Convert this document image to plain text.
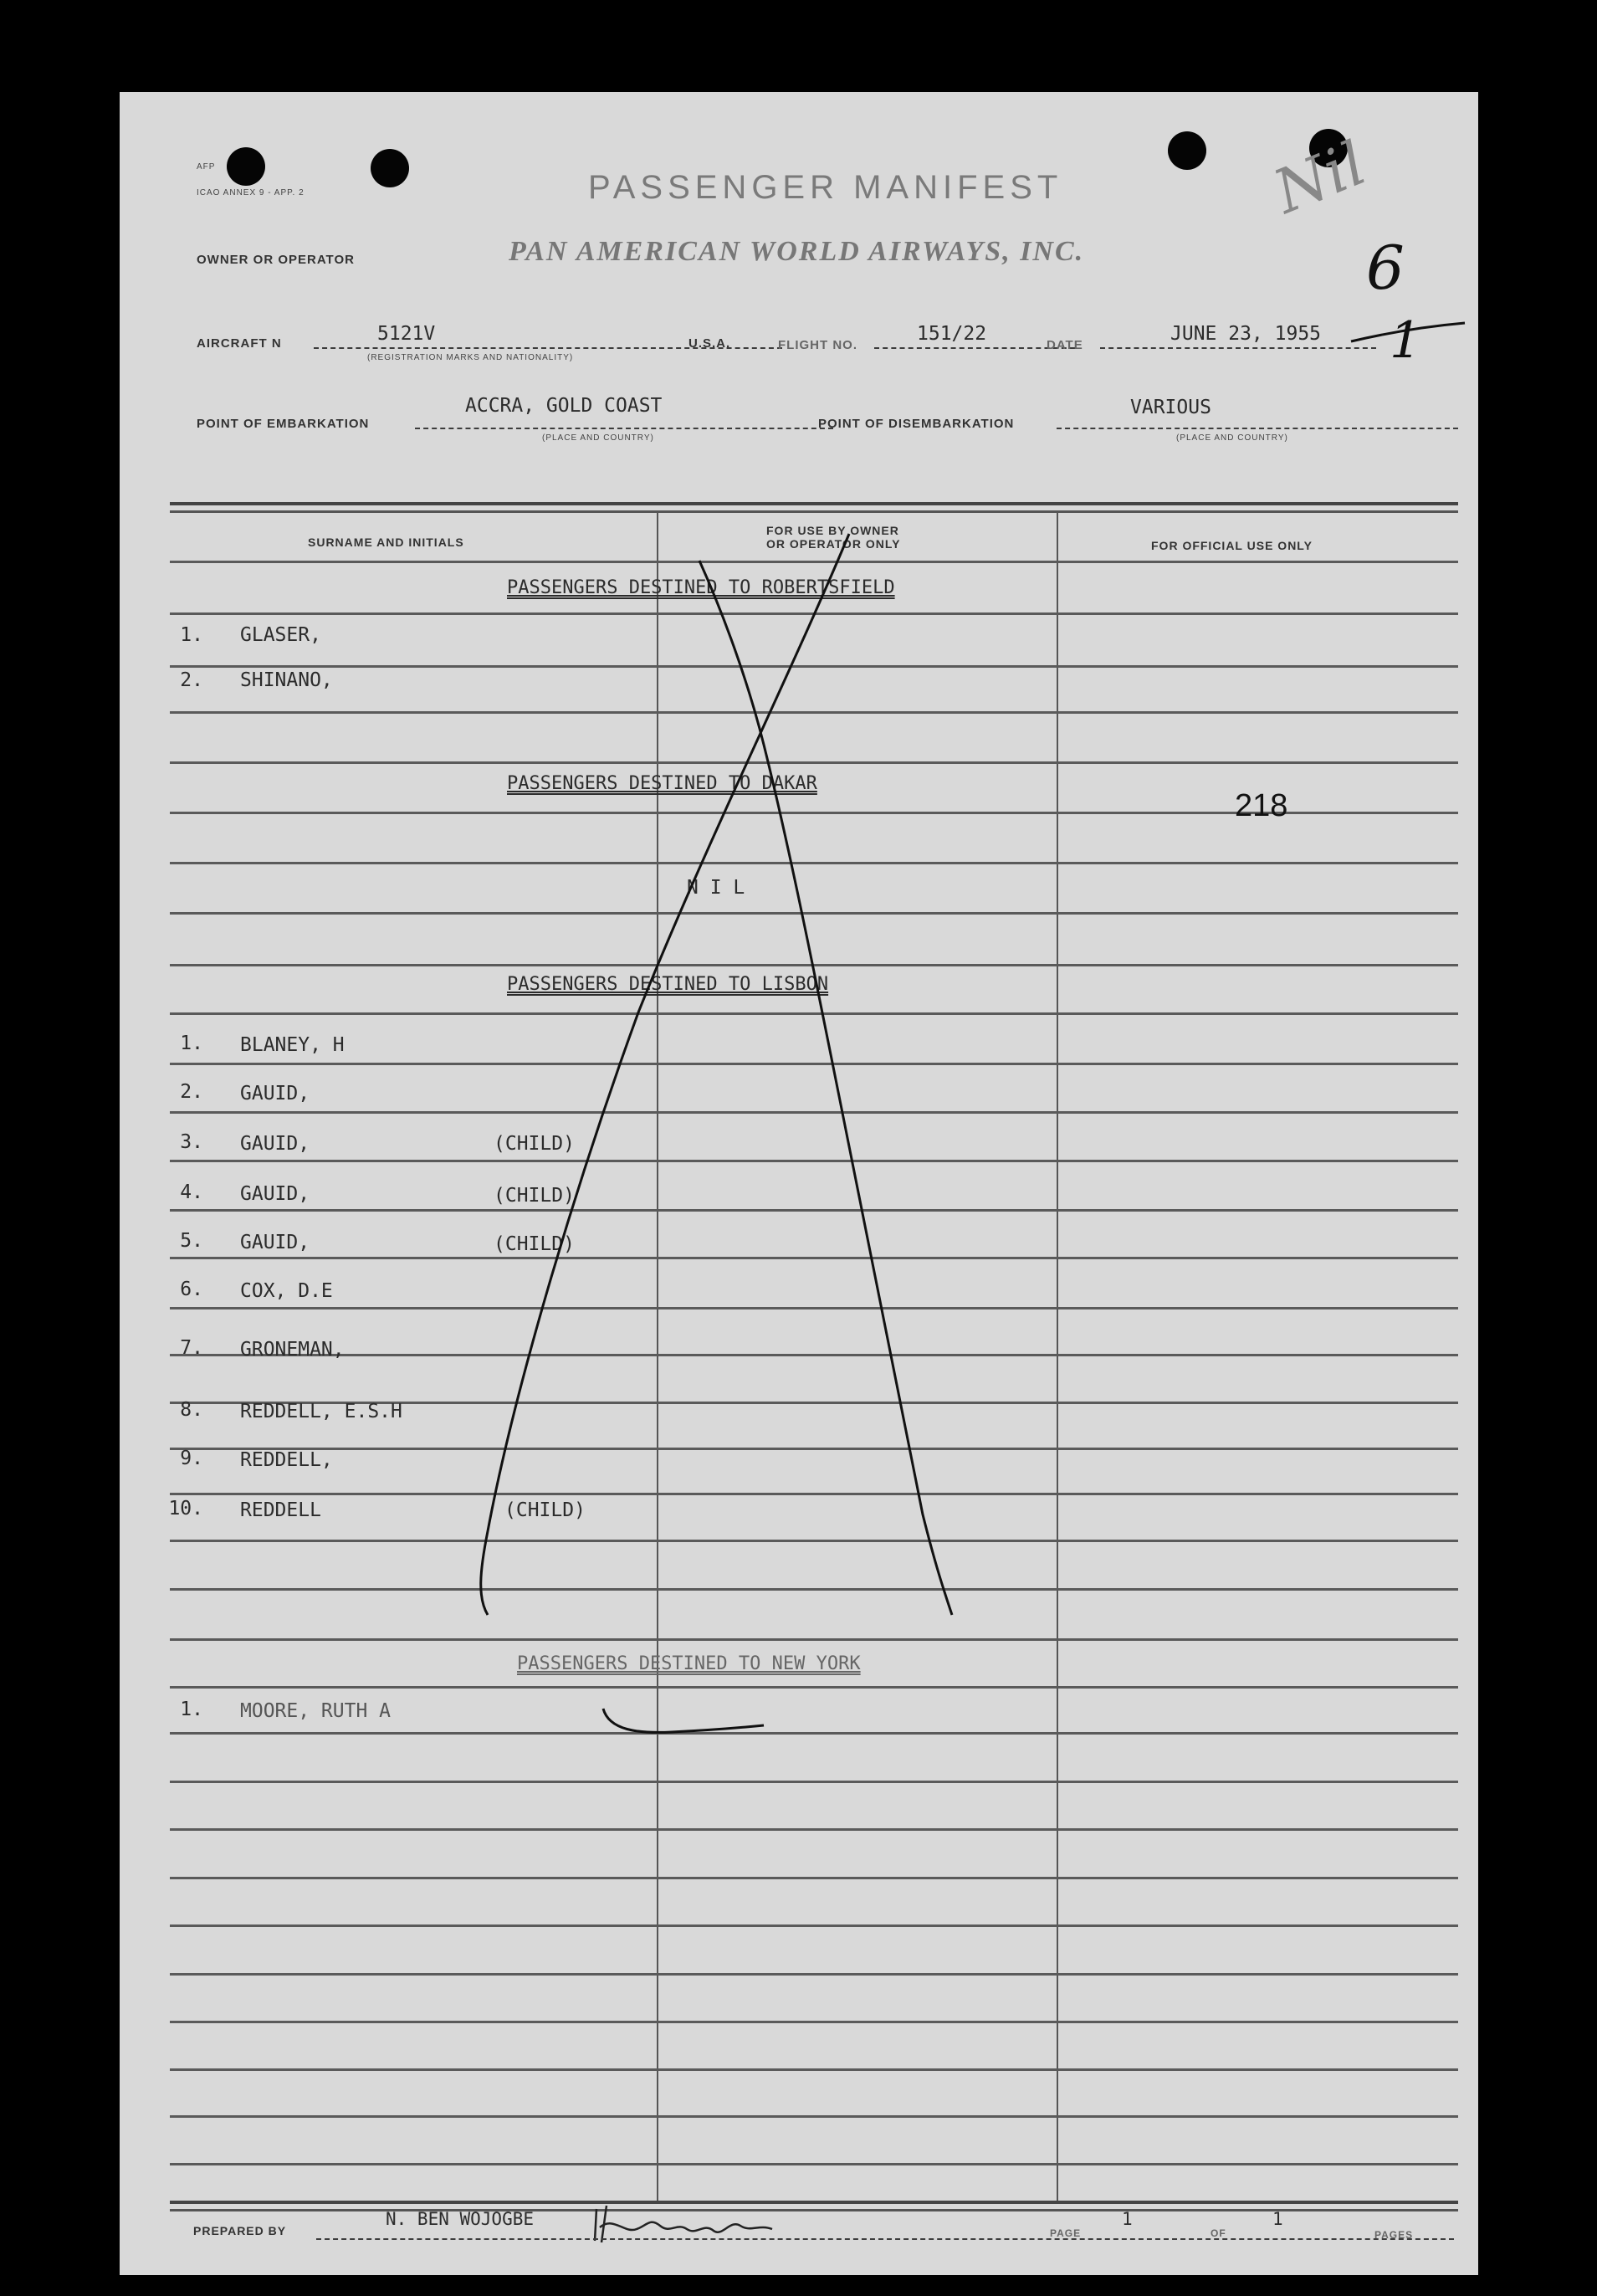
AFP
ICAO ANNEX 9 - APP. 2	PASSENGER MANIFEST
OWNER OR OPERATOR	PAN AMERICAN WORLD AIRWAYS, INC.
Nil
6
1
AIRCRAFT N	5121V
(REGISTRATION MARKS AND NATIONALITY)
U.S.A.	FLIGHT NO.
151/22
DATE
JUNE 23, 1955
POINT OF EMBARKATION
ACCRA, GOLD COAST
(PLACE AND COUNTRY)
POINT OF DISEMBARKATION
VARIOUS
(PLACE AND COUNTRY)
SURNAME AND INITIALS
FOR USE BY OWNER
OR OPERATOR ONLY	FOR OFFICIAL USE ONLY
PASSENGERS DESTINED TO ROBERTSFIELD
1. GLASER,
2. SHINANO,
PASSENGERS DESTINED TO DAKAR
218
N I L
PASSENGERS DESTINED TO LISBON
1. BLANEY, H
2. GAUID,
3. GAUID,	(CHILD)
4. GAUID,	(CHILD)
5. GAUID,	(CHILD)
6. COX, D.E
7. GRONEMAN,
8. REDDELL, E.S.H
9. REDDELL,
10. REDDELL	(CHILD)
PASSENGERS DESTINED TO NEW YORK
1. MOORE, RUTH A
PREPARED BY
N. BEN WOJOGBE
PAGE
1
OF
1
PAGES
